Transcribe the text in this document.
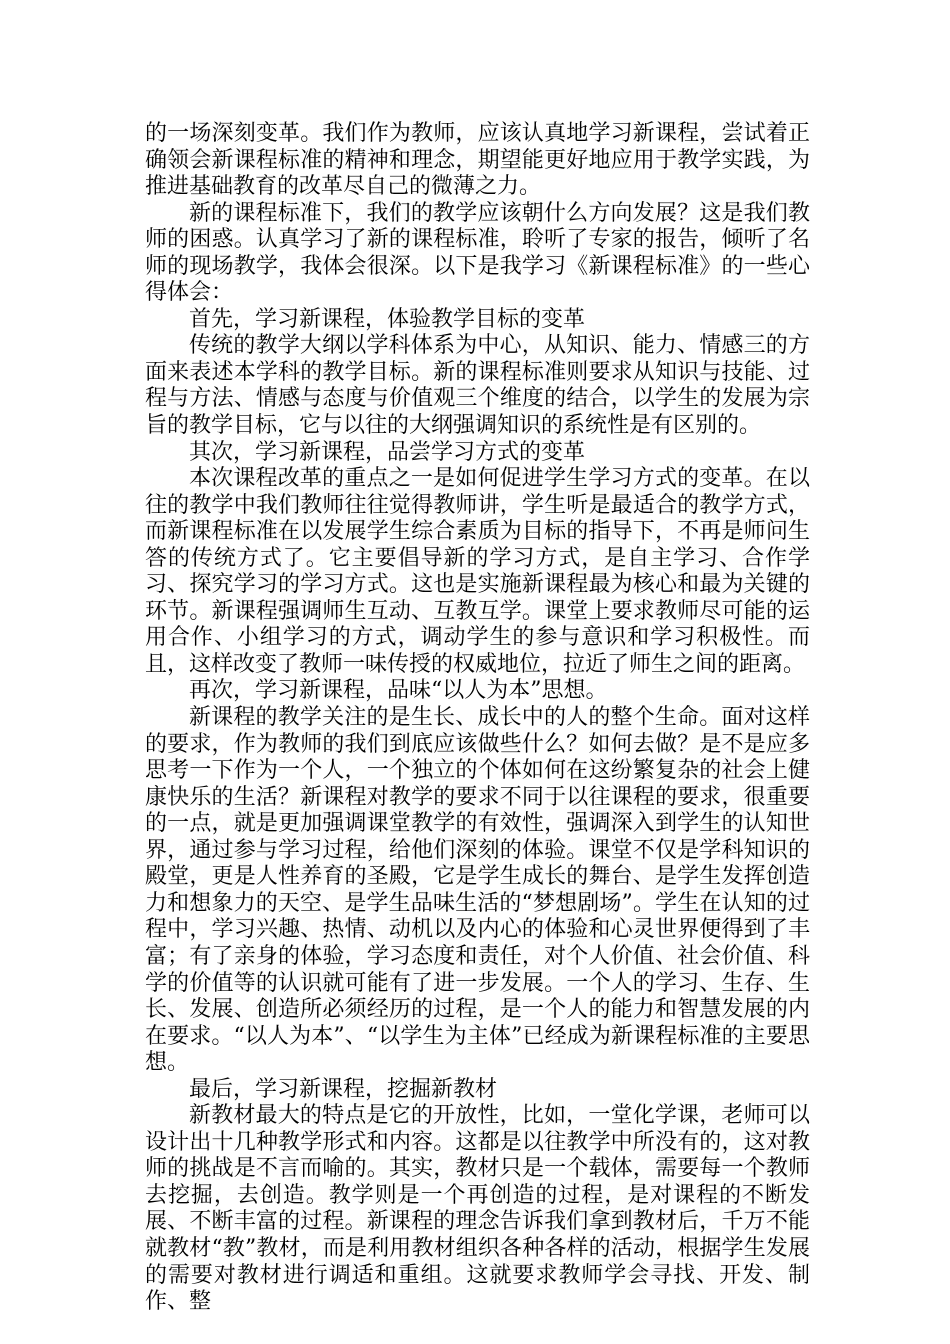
的一场深刻变革。我们作为教师，应该认真地学习新课程，尝试着正确领会新课程标准的精神和理念，期望能更好地应用于教学实践，为推进基础教育的改革尽自己的微薄之力。

新的课程标准下，我们的教学应该朝什么方向发展？这是我们教师的困惑。认真学习了新的课程标准，聆听了专家的报告，倾听了名师的现场教学，我体会很深。以下是我学习《新课程标准》的一些心得体会：

首先，学习新课程，体验教学目标的变革

传统的教学大纲以学科体系为中心，从知识、能力、情感三的方面来表述本学科的教学目标。新的课程标准则要求从知识与技能、过程与方法、情感与态度与价值观三个维度的结合，以学生的发展为宗旨的教学目标，它与以往的大纲强调知识的系统性是有区别的。

其次，学习新课程，品尝学习方式的变革

本次课程改革的重点之一是如何促进学生学习方式的变革。在以往的教学中我们教师往往觉得教师讲，学生听是最适合的教学方式，而新课程标准在以发展学生综合素质为目标的指导下，不再是师问生答的传统方式了。它主要倡导新的学习方式，是自主学习、合作学习、探究学习的学习方式。这也是实施新课程最为核心和最为关键的环节。新课程强调师生互动、互教互学。课堂上要求教师尽可能的运用合作、小组学习的方式，调动学生的参与意识和学习积极性。而且，这样改变了教师一味传授的权威地位，拉近了师生之间的距离。

再次，学习新课程，品味“以人为本”思想。

新课程的教学关注的是生长、成长中的人的整个生命。面对这样的要求，作为教师的我们到底应该做些什么？如何去做？是不是应多思考一下作为一个人，一个独立的个体如何在这纷繁复杂的社会上健康快乐的生活？新课程对教学的要求不同于以往课程的要求，很重要的一点，就是更加强调课堂教学的有效性，强调深入到学生的认知世界，通过参与学习过程，给他们深刻的体验。课堂不仅是学科知识的殿堂，更是人性养育的圣殿，它是学生成长的舞台、是学生发挥创造力和想象力的天空、是学生品味生活的“梦想剧场”。学生在认知的过程中，学习兴趣、热情、动机以及内心的体验和心灵世界便得到了丰富；有了亲身的体验，学习态度和责任，对个人价值、社会价值、科学的价值等的认识就可能有了进一步发展。一个人的学习、生存、生长、发展、创造所必须经历的过程，是一个人的能力和智慧发展的内在要求。“以人为本”、“以学生为主体”已经成为新课程标准的主要思想。

最后，学习新课程，挖掘新教材

新教材最大的特点是它的开放性，比如，一堂化学课，老师可以设计出十几种教学形式和内容。这都是以往教学中所没有的，这对教师的挑战是不言而喻的。其实，教材只是一个载体，需要每一个教师去挖掘，去创造。教学则是一个再创造的过程，是对课程的不断发展、不断丰富的过程。新课程的理念告诉我们拿到教材后，千万不能就教材“教”教材，而是利用教材组织各种各样的活动，根据学生发展的需要对教材进行调适和重组。这就要求教师学会寻找、开发、制作、整
